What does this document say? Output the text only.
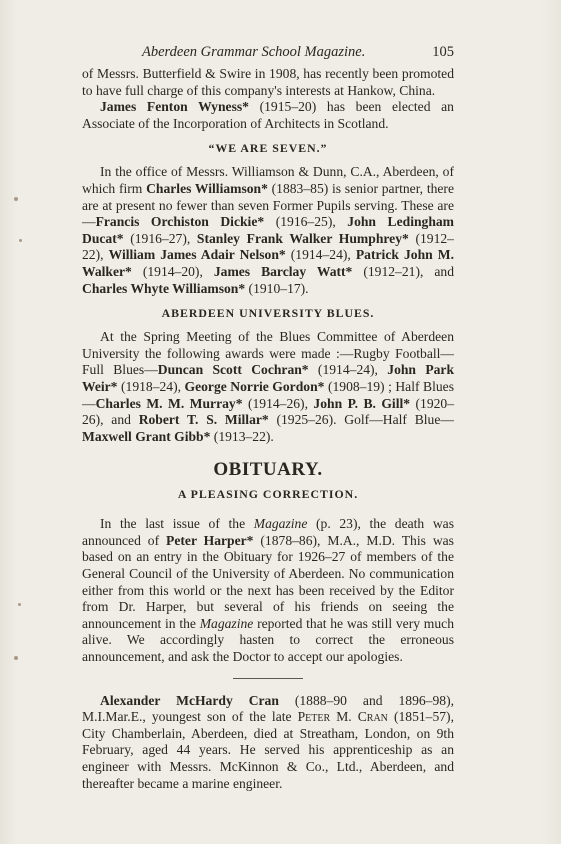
Aberdeen Grammar School Magazine.	105

of Messrs. Butterfield & Swire in 1908, has recently been promoted to have full charge of this company's interests at Hankow, China.

James Fenton Wyness* (1915–20) has been elected an Associate of the Incorporation of Architects in Scotland.

“WE ARE SEVEN.”

In the office of Messrs. Williamson & Dunn, C.A., Aberdeen, of which firm Charles Williamson* (1883–85) is senior partner, there are at present no fewer than seven Former Pupils serving. These are —Francis Orchiston Dickie* (1916–25), John Ledingham Ducat* (1916–27), Stanley Frank Walker Humphrey* (1912–22), William James Adair Nelson* (1914–24), Patrick John M. Walker* (1914–20), James Barclay Watt* (1912–21), and Charles Whyte Williamson* (1910–17).

ABERDEEN UNIVERSITY BLUES.

At the Spring Meeting of the Blues Committee of Aberdeen University the following awards were made :—Rugby Football—Full Blues—Duncan Scott Cochran* (1914–24), John Park Weir* (1918–24), George Norrie Gordon* (1908–19) ; Half Blues—Charles M. M. Murray* (1914–26), John P. B. Gill* (1920–26), and Robert T. S. Millar* (1925–26). Golf—Half Blue—Maxwell Grant Gibb* (1913–22).

OBITUARY.
A PLEASING CORRECTION.

In the last issue of the Magazine (p. 23), the death was announced of Peter Harper* (1878–86), M.A., M.D. This was based on an entry in the Obituary for 1926–27 of members of the General Council of the University of Aberdeen. No communication either from this world or the next has been received by the Editor from Dr. Harper, but several of his friends on seeing the announcement in the Magazine reported that he was still very much alive. We accordingly hasten to correct the erroneous announcement, and ask the Doctor to accept our apologies.

Alexander McHardy Cran (1888–90 and 1896–98), M.I.Mar.E., youngest son of the late Peter M. Cran (1851–57), City Chamberlain, Aberdeen, died at Streatham, London, on 9th February, aged 44 years. He served his apprenticeship as an engineer with Messrs. McKinnon & Co., Ltd., Aberdeen, and thereafter became a marine engineer.
